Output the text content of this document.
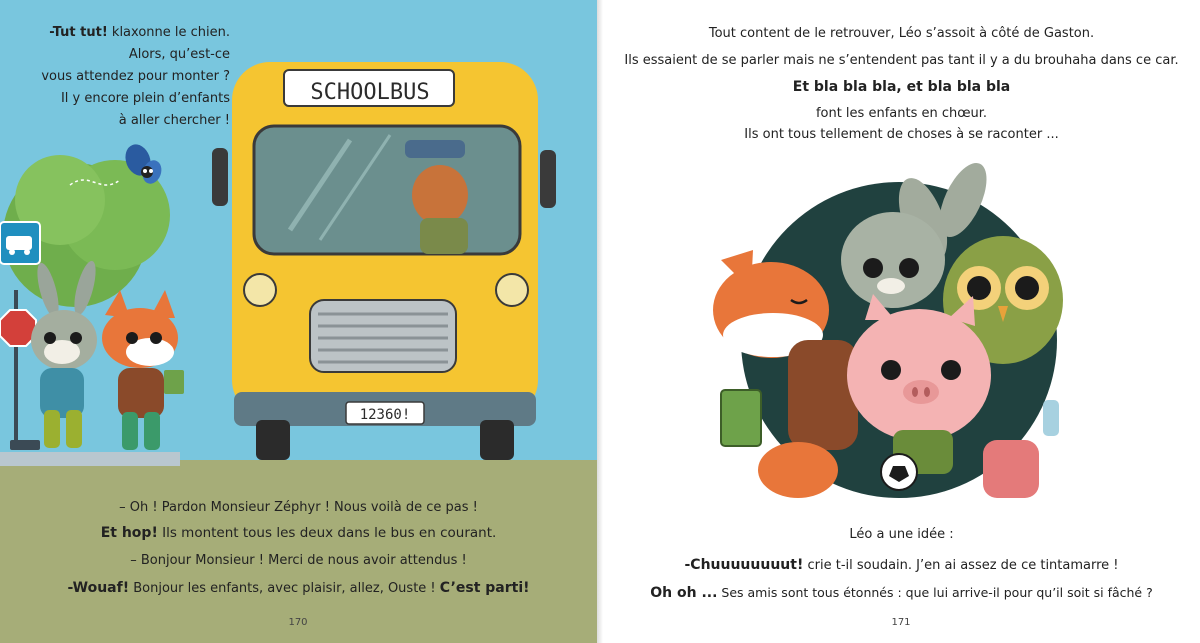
SCHOOLBUS
12360!
-Tut tut! klaxonne le chien.
Alors, qu’est-ce
vous attendez pour monter ?
Il y encore plein d’enfants
à aller chercher !
– Oh ! Pardon Monsieur Zéphyr ! Nous voilà de ce pas !
Et hop! Ils montent tous les deux dans le bus en courant.
– Bonjour Monsieur ! Merci de nous avoir attendus !
-Wouaf! Bonjour les enfants, avec plaisir, allez, Ouste ! C’est parti!
170
Tout content de le retrouver, Léo s’assoit à côté de Gaston.
Ils essaient de se parler mais ne s’entendent pas tant il y a du brouhaha dans ce car.
Et bla bla bla, et bla bla bla
font les enfants en chœur.
Ils ont tous tellement de choses à se raconter ...
Léo a une idée :
-Chuuuuuuuut! crie t-il soudain. J’en ai assez de ce tintamarre !
Oh oh ... Ses amis sont tous étonnés : que lui arrive-il pour qu’il soit si fâché ?
171
